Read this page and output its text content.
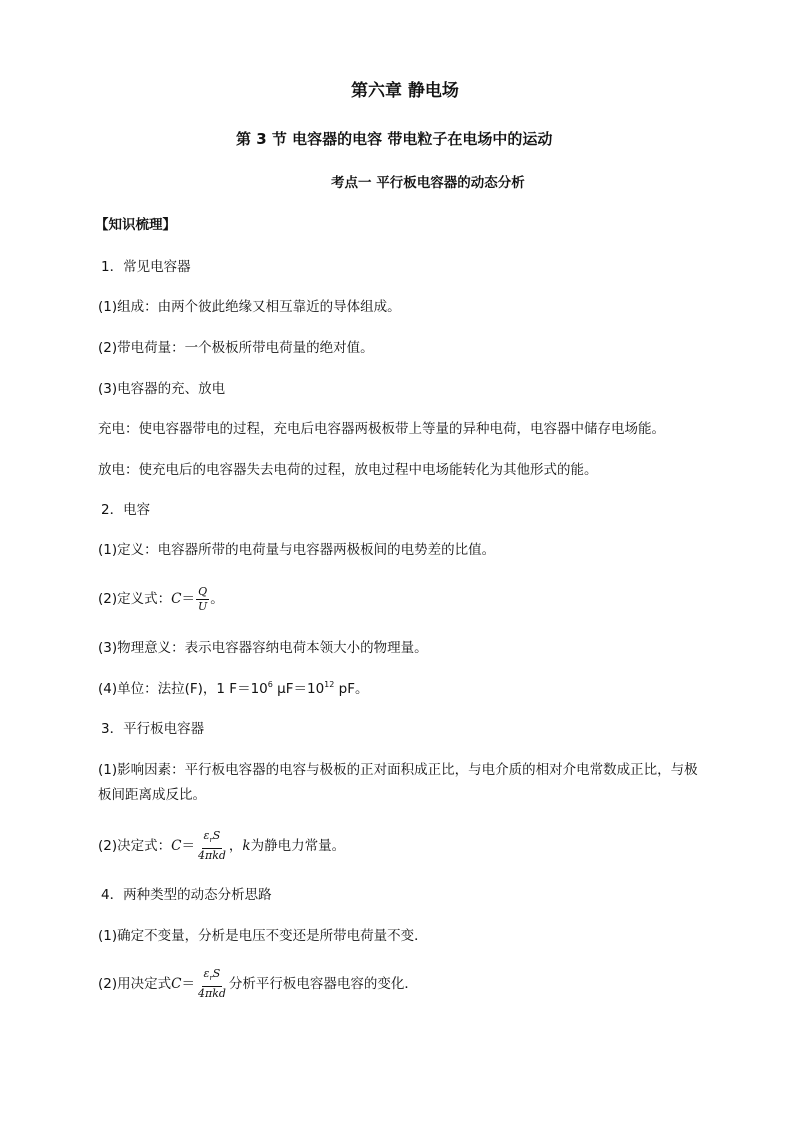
第六章 静电场
第 3 节 电容器的电容 带电粒子在电场中的运动
考点一 平行板电容器的动态分析
【知识梳理】
1．常见电容器
(1)组成：由两个彼此绝缘又相互靠近的导体组成。
(2)带电荷量：一个极板所带电荷量的绝对值。
(3)电容器的充、放电
充电：使电容器带电的过程，充电后电容器两极板带上等量的异种电荷，电容器中储存电场能。
放电：使充电后的电容器失去电荷的过程，放电过程中电场能转化为其他形式的能。
2．电容
(1)定义：电容器所带的电荷量与电容器两极板间的电势差的比值。
(2)定义式： $C = \frac{Q}{U}$ 。
(3)物理意义：表示电容器容纳电荷本领大小的物理量。
(4)单位：法拉(F)，1 $F=10^6$ $\mu F=10^{12}$ pF。
3．平行板电容器
(1)影响因素：平行板电容器的电容与极板的正对面积成正比，与电介质的相对介电常数成正比，与极
板间距离成反比。
(2)决定式： $C = \frac{\varepsilon_rS}{\text{4πkd}}$ ， k 为静电力常量。
4．两种类型的动态分析思路
(1)确定不变量，分析是电压不变还是所带电荷量不变．
(2)用决定式 $C = \frac{\varepsilon_rS}{\text{4πkd}}$ 分析平行板电容器电容的变化．
